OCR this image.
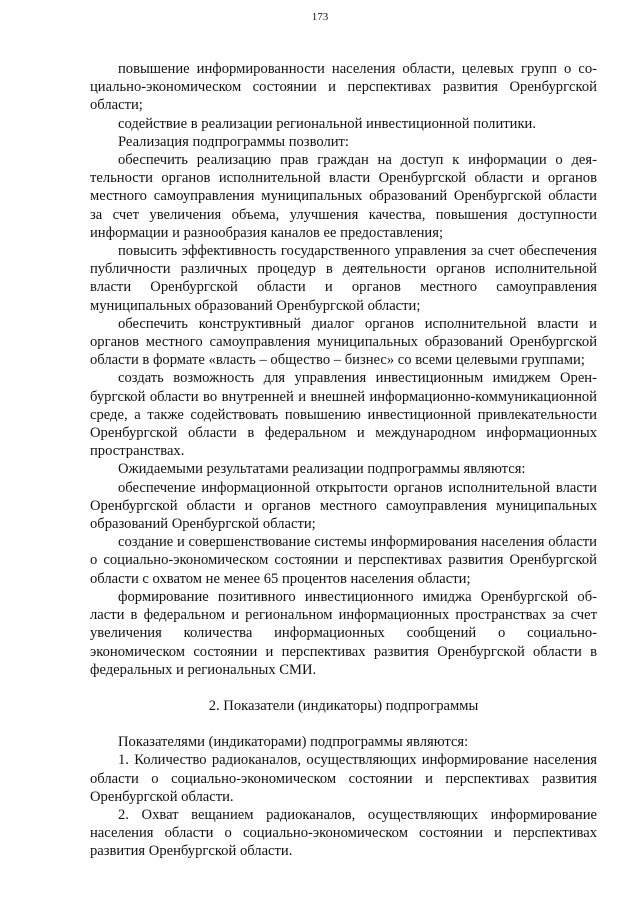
173

повышение информированности населения области, целевых групп о социально-экономическом состоянии и перспективах развития Оренбургской области;

содействие в реализации региональной инвестиционной политики.

Реализация подпрограммы позволит:

обеспечить реализацию прав граждан на доступ к информации о деятельности органов исполнительной власти Оренбургской области и органов местного самоуправления муниципальных образований Оренбургской области за счет увеличения объема, улучшения качества, повышения доступности информации и разнообразия каналов ее предоставления;

повысить эффективность государственного управления за счет обеспечения публичности различных процедур в деятельности органов исполнительной власти Оренбургской области и органов местного самоуправления муниципальных образований Оренбургской области;

обеспечить конструктивный диалог органов исполнительной власти и органов местного самоуправления муниципальных образований Оренбургской области в формате «власть – общество – бизнес» со всеми целевыми группами;

создать возможность для управления инвестиционным имиджем Оренбургской области во внутренней и внешней информационно-коммуникационной среде, а также содействовать повышению инвестиционной привлекательности Оренбургской области в федеральном и международном информационных пространствах.

Ожидаемыми результатами реализации подпрограммы являются:

обеспечение информационной открытости органов исполнительной власти Оренбургской области и органов местного самоуправления муниципальных образований Оренбургской области;

создание и совершенствование системы информирования населения области о социально-экономическом состоянии и перспективах развития Оренбургской области с охватом не менее 65 процентов населения области;

формирование позитивного инвестиционного имиджа Оренбургской области в федеральном и региональном информационных пространствах за счет увеличения количества информационных сообщений о социально-экономическом состоянии и перспективах развития Оренбургской области в федеральных и региональных СМИ.

2. Показатели (индикаторы) подпрограммы

Показателями (индикаторами) подпрограммы являются:

1. Количество радиоканалов, осуществляющих информирование населения области о социально-экономическом состоянии и перспективах развития Оренбургской области.

2. Охват вещанием радиоканалов, осуществляющих информирование населения области о социально-экономическом состоянии и перспективах развития Оренбургской области.
